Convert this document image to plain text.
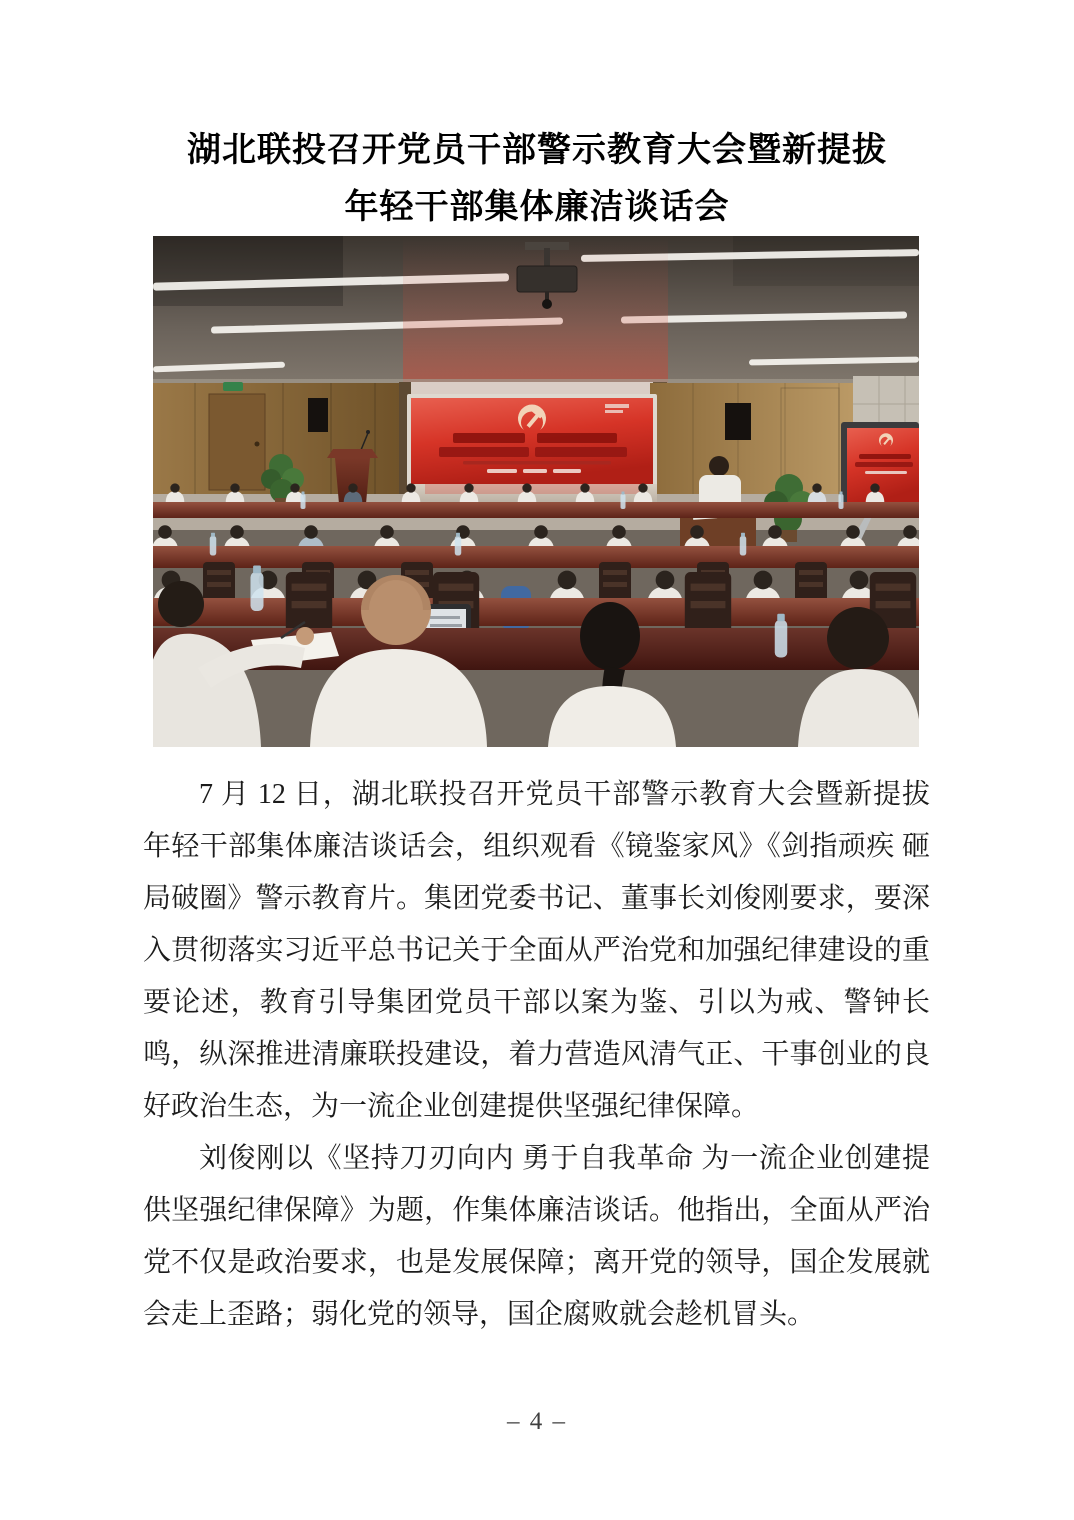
湖北联投召开党员干部警示教育大会暨新提拔
年轻干部集体廉洁谈话会

7 月 12 日，湖北联投召开党员干部警示教育大会暨新提拔年轻干部集体廉洁谈话会，组织观看《镜鉴家风》《剑指顽疾 砸局破圈》警示教育片。集团党委书记、董事长刘俊刚要求，要深入贯彻落实习近平总书记关于全面从严治党和加强纪律建设的重要论述，教育引导集团党员干部以案为鉴、引以为戒、警钟长鸣，纵深推进清廉联投建设，着力营造风清气正、干事创业的良好政治生态，为一流企业创建提供坚强纪律保障。

刘俊刚以《坚持刀刃向内 勇于自我革命 为一流企业创建提供坚强纪律保障》为题，作集体廉洁谈话。他指出，全面从严治党不仅是政治要求，也是发展保障；离开党的领导，国企发展就会走上歪路；弱化党的领导，国企腐败就会趁机冒头。

– 4 –
